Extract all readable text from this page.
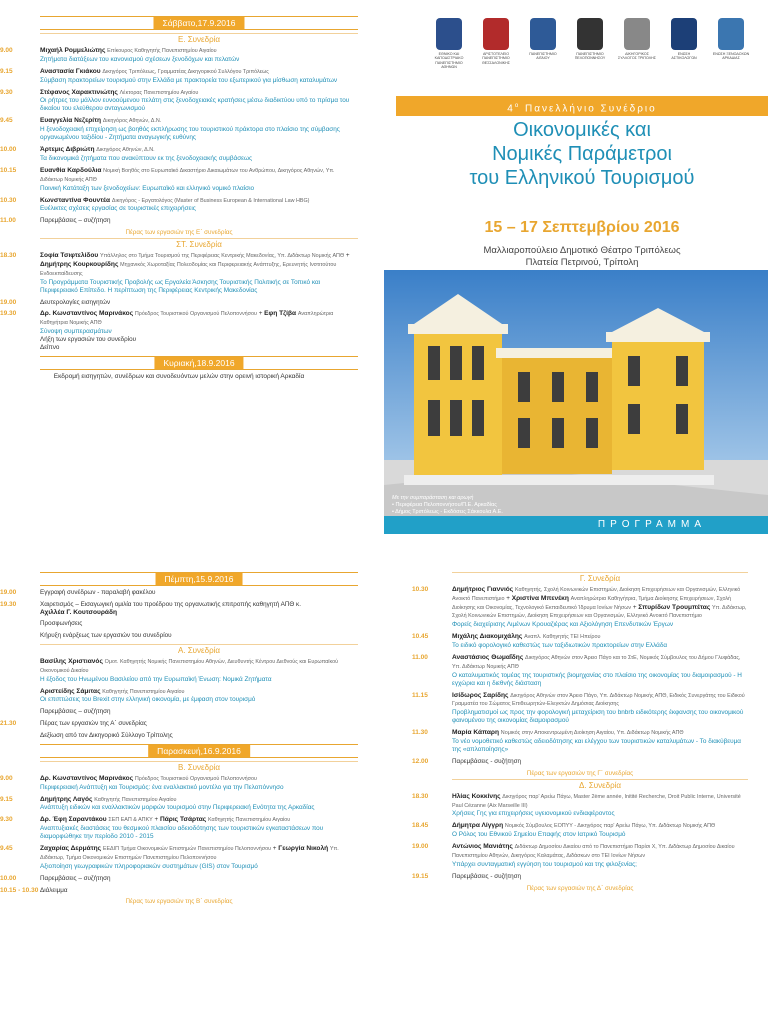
Σάββατο,17.9.2016
Ε. Συνεδρία
9.00	Μιχαήλ Ρομμελιώτης Επίκουρος Καθηγητής Πανεπιστημίου Αιγαίου
Ζητήματα διατάξεων του κανονισμού σχέσεων ξενοδόχων και πελατών
9.15	Αναστασία Γκιάκου Δικηγόρος Τριπόλεως, Γραμματέας Δικηγορικού Συλλόγου Τριπόλεως
Σύμβαση πρακτορείων τουρισμού στην Ελλάδα με πρακτορεία του εξωτερικού για μίσθωση καταλυμάτων
9.30	Στέφανος Χαρακτινιώτης Λέκτορας Πανεπιστημίου Αιγαίου
Οι ρήτρες του μάλλον ευνοούμενου πελάτη στις ξενοδοχειακές κρατήσεις μέσω διαδικτύου υπό το πρίσμα του δικαίου του ελεύθερου ανταγωνισμού
9.45	Ευαγγελία Νεζερίτη Δικηγόρος Αθηνών, Δ.Ν.
Η ξενοδοχειακή επιχείρηση ως βοηθός εκπλήρωσης του τουριστικού πράκτορα στο πλαίσιο της σύμβασης οργανωμένου ταξιδίου - Ζητήματα αναγωγικής ευθύνης
10.00	Άρτεμις Διβριώτη Δικηγόρος Αθηνών, Δ.Ν.
Τα δικονομικά ζητήματα που ανακύπτουν εκ της ξενοδοχειακής συμβάσεως
10.15	Ευανθία Καρδούλια Νομική Βοηθός στο Ευρωπαϊκό Δικαστήριο Δικαιωμάτων του Ανθρώπου, Δικηγόρος Αθηνών, Υπ. Διδάκτωρ Νομικής ΑΠΘ
Ποινική Κατάταξη των ξενοδοχείων: Ευρωπαϊκό και ελληνικό νομικό πλαίσιο
10.30	Κωνσταντίνα Φουντέα Δικηγόρος - Εργατολόγος (Master of Business European & International Law HBG)
Ευέλικτες σχέσεις εργασίας σε τουριστικές επιχειρήσεις
11.00	Παρεμβάσεις – συζήτηση
Πέρας των εργασιών της Ε΄ συνεδρίας
ΣΤ. Συνεδρία
18.30	Σοφία Τσιφτελίδου Υπάλληλος στο Τμήμα Τουρισμού της Περιφέρειας Κεντρικής Μακεδονίας, Υπ. Διδάκτωρ Νομικής ΑΠΘ + Δημήτρης Κουρκουρίδης Μηχανικός Χωροταξίας Πολεοδομίας και Περιφερειακής Ανάπτυξης, Ερευνητής Ινστιτούτου Ενδοεκπαίδευσης
Το Προγράμματα Τουριστικής Προβολής ως Εργαλεία Άσκησης Τουριστικής Πολιτικής σε Τοπικό και Περιφερειακό Επίπεδο. Η περίπτωση της Περιφέρειας Κεντρικής Μακεδονίας
19.00	Δευτερολογίες εισηγητών
19.30	Δρ. Κωνσταντίνος Μαρινάκος Πρόεδρος Τουριστικού Οργανισμού Πελοποννήσου + Εφη Τζίβα Αναπληρώτρια Καθηγήτρια Νομικής ΑΠΘ
Σύνοψη συμπερασμάτων
Λήξη των εργασιών του συνεδρίου
Δείπνο
Κυριακή,18.9.2016
Εκδρομή εισηγητών, συνέδρων και συνοδευόντων μελών στην ορεινή ιστορική Αρκαδία
ΕΘΝΙΚΟ ΚΑΙ ΚΑΠΟΔΙΣΤΡΙΑΚΟ ΠΑΝΕΠΙΣΤΗΜΙΟ ΑΘΗΝΩΝ
ΑΡΙΣΤΟΤΕΛΕΙΟ ΠΑΝΕΠΙΣΤΗΜΙΟ ΘΕΣΣΑΛΟΝΙΚΗΣ
ΠΑΝΕΠΙΣΤΗΜΙΟ ΑΙΓΑΙΟΥ
ΠΑΝΕΠΙΣΤΗΜΙΟ ΠΕΛΟΠΟΝΝΗΣΟΥ
ΔΙΚΗΓΟΡΙΚΟΣ ΣΥΛΛΟΓΟΣ ΤΡΙΠΟΛΗΣ
ΕΝΩΣΗ ΑΣΤΙΚΟΛΟΓΩΝ
ΕΝΩΣΗ ΞΕΝΟΔΟΧΩΝ ΑΡΚΑΔΙΑΣ
$4^o$ Πανελλήνιο Συνέδριο
Οικονομικές και
Νομικές Παράμετροι
του Ελληνικού Τουρισμού
15 – 17 Σεπτεμβρίου 2016
Μαλλιαροπούλειο Δημοτικό Θέατρο Τριπόλεως
Πλατεία Πετρινού, Τρίπολη
Με την συμπαράσταση και αρωγή
• Περιφέρεια Πελοποννήσου/Π.Ε. Αρκαδίας
• Δήμος Τριπόλεως - Εκδόσεις Σάκκουλα Α.Ε.
ΠΡΟΓΡΑΜΜΑ
Πέμπτη,15.9.2016
19.00	Εγγραφή συνέδρων - παραλαβή φακέλου
19.30	Χαιρετισμός – Εισαγωγική ομιλία του προέδρου της οργανωτικής επιτροπής καθηγητή ΑΠΘ κ.
Αχιλλέα Γ. Κουτσουράδη
Προσφωνήσεις
Κήρυξη ενάρξεως των εργασιών του συνεδρίου
Α. Συνεδρία
Βασίλης Χριστιανός Ομοτ. Καθηγητής Νομικής Πανεπιστημίου Αθηνών, Διευθυντής Κέντρου Διεθνούς και Ευρωπαϊκού Οικονομικού Δικαίου
Η έξοδος του Ηνωμένου Βασιλείου από την Ευρωπαϊκή Ένωση: Νομικά Ζητήματα
Αριστείδης Σάμιτας Καθηγητής Πανεπιστημίου Αιγαίου
Οι επιπτώσεις του Brexit στην ελληνική οικονομία, με έμφαση στον τουρισμό
Παρεμβάσεις – συζήτηση
21.30	Πέρας των εργασιών της Α΄ συνεδρίας
Δεξίωση από τον Δικηγορικό Σύλλογο Τρίπολης
Παρασκευή,16.9.2016
Β. Συνεδρία
9.00	Δρ. Κωνσταντίνος Μαρινάκος Πρόεδρος Τουριστικού Οργανισμού Πελοποννήσου
Περιφερειακή Ανάπτυξη και Τουρισμός: ένα εναλλακτικό μοντέλο για την Πελοπόννησο
9.15	Δημήτρης Λαγός Καθηγητής Πανεπιστημίου Αιγαίου
Ανάπτυξη ειδικών και εναλλακτικών μορφών τουρισμού στην Περιφερειακή Ενότητα της Αρκαδίας
9.30	Δρ. Έφη Σαραντάκου ΣΕΠ ΕΑΠ & ΑΠΚΥ + Πάρις Τσάρτας Καθηγητής Πανεπιστημίου Αιγαίου
Αναπτυξιακές διαστάσεις του θεσμικού πλαισίου αδειοδότησης των τουριστικών εγκαταστάσεων που διαμορφώθηκε την περίοδο 2010 - 2015
9.45	Ζαχαρίας Δερμάτης ΕΕΔΙΠ Τμήμα Οικονομικών Επιστημών Πανεπιστημίου Πελοποννήσου + Γεωργία Νικολή Υπ. Διδάκτωρ, Τμήμα Οικονομικών Επιστημών Πανεπιστημίου Πελοποννήσου
Αξιοποίηση γεωγραφικών πληροφοριακών συστημάτων (GIS) στον Τουρισμό
10.00	Παρεμβάσεις – συζήτηση
10.15 - 10.30 Διάλειμμα
Πέρας των εργασιών της Β΄ συνεδρίας
Γ. Συνεδρία
10.30	Δημήτριος Γιαννιός Καθηγητής, Σχολή Κοινωνικών Επιστημών, Διοίκηση Επιχειρήσεων και Οργανισμών, Ελληνικό Ανοικτό Πανεπιστήμιο + Χριστίνα Μπενέκη Αναπληρώτρια Καθηγήτρια, Τμήμα Διοίκησης Επιχειρήσεων, Σχολή Διοίκησης και Οικονομίας, Τεχνολογικό Εκπαιδευτικό Ίδρυμα Ιονίων Νήσων + Σπυρίδων Τρουμπέτας Υπ. Διδάκτωρ, Σχολή Κοινωνικών Επιστημών, Διοίκηση Επιχειρήσεων και Οργανισμών, Ελληνικό Ανοικτό Πανεπιστήμιο
Φορείς διαχείρισης Λιμένων Κρουαζιέρας και Αξιολόγηση Επενδυτικών Έργων
10.45	Μιχάλης Διακομιχάλης Αναπλ. Καθηγητής ΤΕΙ Ηπείρου
Το ειδικό φορολογικό καθεστώς των ταξιδιωτικών πρακτορείων στην Ελλάδα
11.00	Αναστάσιος Θωμαΐδης Δικηγόρος Αθηνών στον Άρειο Πάγο και το ΣτΕ, Νομικός Σύμβουλος του Δήμου Γλυφάδας, Υπ. Διδάκτωρ Νομικής ΑΠΘ
Ο καταλυματικός τομέας της τουριστικής βιομηχανίας στο πλαίσιο της οικονομίας του διαμοιρασμού - Η εγχώρια και η διεθνής διάσταση
11.15	Ισίδωρος Σαρίδης Δικηγόρος Αθηνών στον Άρειο Πάγο, Υπ. Διδάκτωρ Νομικής ΑΠΘ, Ειδικός Συνεργάτης του Ειδικού Γραμματέα του Σώματος Επιθεωρητών-Ελεγκτών Δημόσιας Διοίκησης
Προβληματισμοί ως προς την φορολογική μεταχείριση του bnbrb ειδικότερης έκφανσης του οικονομικού φαινομένου της οικονομίας διαμοιρασμού
11.30	Μαρία Κάπαρη Νομικός στην Αποκεντρωμένη Διοίκηση Αιγαίου, Υπ. Διδάκτωρ Νομικής ΑΠΘ
Το νέο νομοθετικό καθεστώς αδειοδότησης και ελέγχου των τουριστικών καταλυμάτων - Το διακύβευμα της «απλοποίησης»
12.00	Παρεμβάσεις - συζήτηση
Πέρας των εργασιών της Γ΄ συνεδρίας
Δ. Συνεδρία
18.30	Ηλίας Κοκκίνης Δικηγόρος παρ' Αρείω Πάγω, Master 2ème année, Ιnitité Recherche, Droit Public Interne, Université Paul Cézanne (Aix Marseille III)
Χρήσεις Γης για επιχειρήσεις υγειονομικού ενδιαφέροντος
18.45	Δήμητρα Λίγγρη Νομικός Σύμβουλος ΕΟΠΥΥ - Δικηγόρος παρ' Αρείω Πάγω, Υπ. Διδάκτωρ Νομικής ΑΠΘ
Ο Ρόλος του Εθνικού Σημείου Επαφής στον Ιατρικό Τουρισμό
19.00	Αντώνιος Μανιάτης Διδάκτωρ Δημοσίου Δικαίου από το Πανεπιστήμιο Παρίσι X, Υπ. Διδάκτωρ Δημοσίου Δικαίου Πανεπιστημίου Αθηνών, Δικηγόρος Καλαμάτας, Διδάσκων στο ΤΕΙ Ιονίων Νήσων
Υπάρχει συνταγματική εγγύηση του τουρισμού και της φιλοξενίας;
19.15	Παρεμβάσεις - συζήτηση
Πέρας των εργασιών της Δ΄ συνεδρίας
